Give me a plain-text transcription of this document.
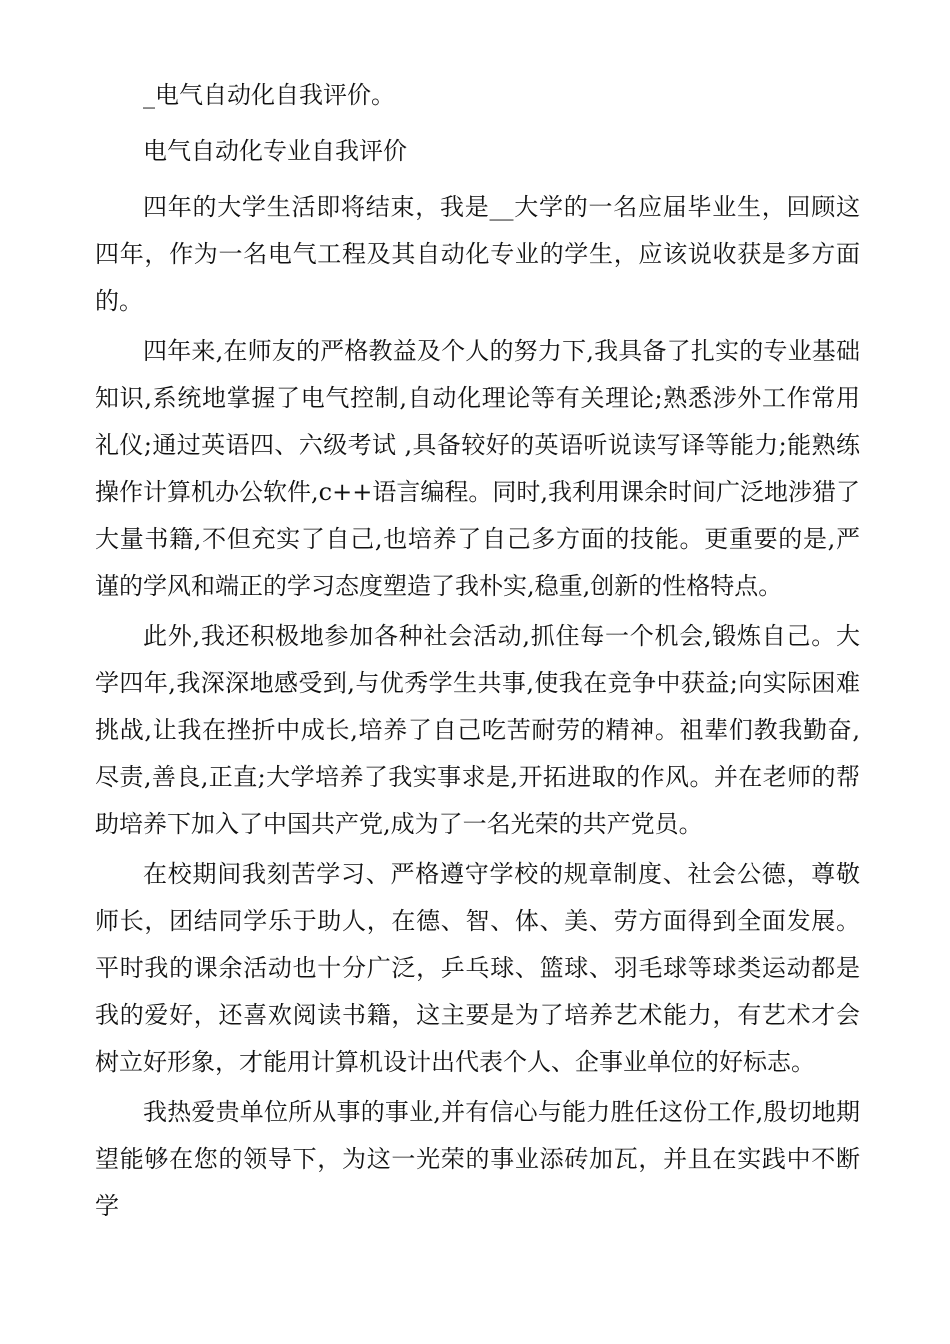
_电气自动化自我评价。

电气自动化专业自我评价

四年的大学生活即将结束，我是__大学的一名应届毕业生，回顾这四年，作为一名电气工程及其自动化专业的学生，应该说收获是多方面的。

四年来,在师友的严格教益及个人的努力下,我具备了扎实的专业基础知识,系统地掌握了电气控制,自动化理论等有关理论;熟悉涉外工作常用礼仪;通过英语四、六级考试 ,具备较好的英语听说读写译等能力;能熟练操作计算机办公软件,c++语言编程。同时,我利用课余时间广泛地涉猎了大量书籍,不但充实了自己,也培养了自己多方面的技能。更重要的是,严谨的学风和端正的学习态度塑造了我朴实,稳重,创新的性格特点。

此外,我还积极地参加各种社会活动,抓住每一个机会,锻炼自己。大学四年,我深深地感受到,与优秀学生共事,使我在竞争中获益;向实际困难挑战,让我在挫折中成长,培养了自己吃苦耐劳的精神。祖辈们教我勤奋,尽责,善良,正直;大学培养了我实事求是,开拓进取的作风。并在老师的帮助培养下加入了中国共产党,成为了一名光荣的共产党员。

在校期间我刻苦学习、严格遵守学校的规章制度、社会公德，尊敬师长，团结同学乐于助人，在德、智、体、美、劳方面得到全面发展。平时我的课余活动也十分广泛，乒乓球、篮球、羽毛球等球类运动都是我的爱好，还喜欢阅读书籍，这主要是为了培养艺术能力，有艺术才会树立好形象，才能用计算机设计出代表个人、企事业单位的好标志。

我热爱贵单位所从事的事业,并有信心与能力胜任这份工作,殷切地期望能够在您的领导下，为这一光荣的事业添砖加瓦，并且在实践中不断学
